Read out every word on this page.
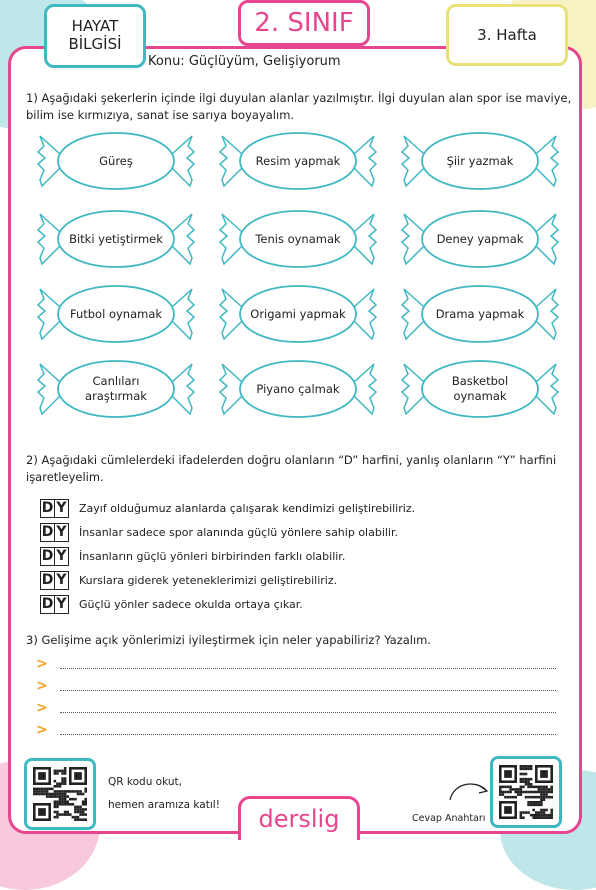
HAYAT
BİLGİSİ
2. SINIF	3. Hafta
Konu: Güçlüyüm, Gelişiyorum
1) Aşağıdaki şekerlerin içinde ilgi duyulan alanlar yazılmıştır. İlgi duyulan alan spor ise maviye, bilim ise kırmızıya, sanat ise sarıya boyayalım.
Güreş	Resim yapmak	Şiir yazmak
Bitki yetiştirmek	Tenis oynamak	Deney yapmak
Futbol oynamak	Origami yapmak	Drama yapmak
Canlıları araştırmak
Piyano çalmak
Basketbol oynamak
2) Aşağıdaki cümlelerdeki ifadelerden doğru olanların “D” harfini, yanlış olanların “Y” harfini işaretleyelim.
D Y Zayıf olduğumuz alanlarda çalışarak kendimizi geliştirebiliriz.
D Y İnsanlar sadece spor alanında güçlü yönlere sahip olabilir.
D Y İnsanların güçlü yönleri birbirinden farklı olabilir.
D Y Kurslara giderek yeteneklerimizi geliştirebiliriz.
D Y Güçlü yönler sadece okulda ortaya çıkar.
3) Gelişime açık yönlerimizi iyileştirmek için neler yapabiliriz? Yazalım.
>
>
>
>
QR kodu okut,
hemen aramıza katıl!	derslig	Cevap Anahtarı
